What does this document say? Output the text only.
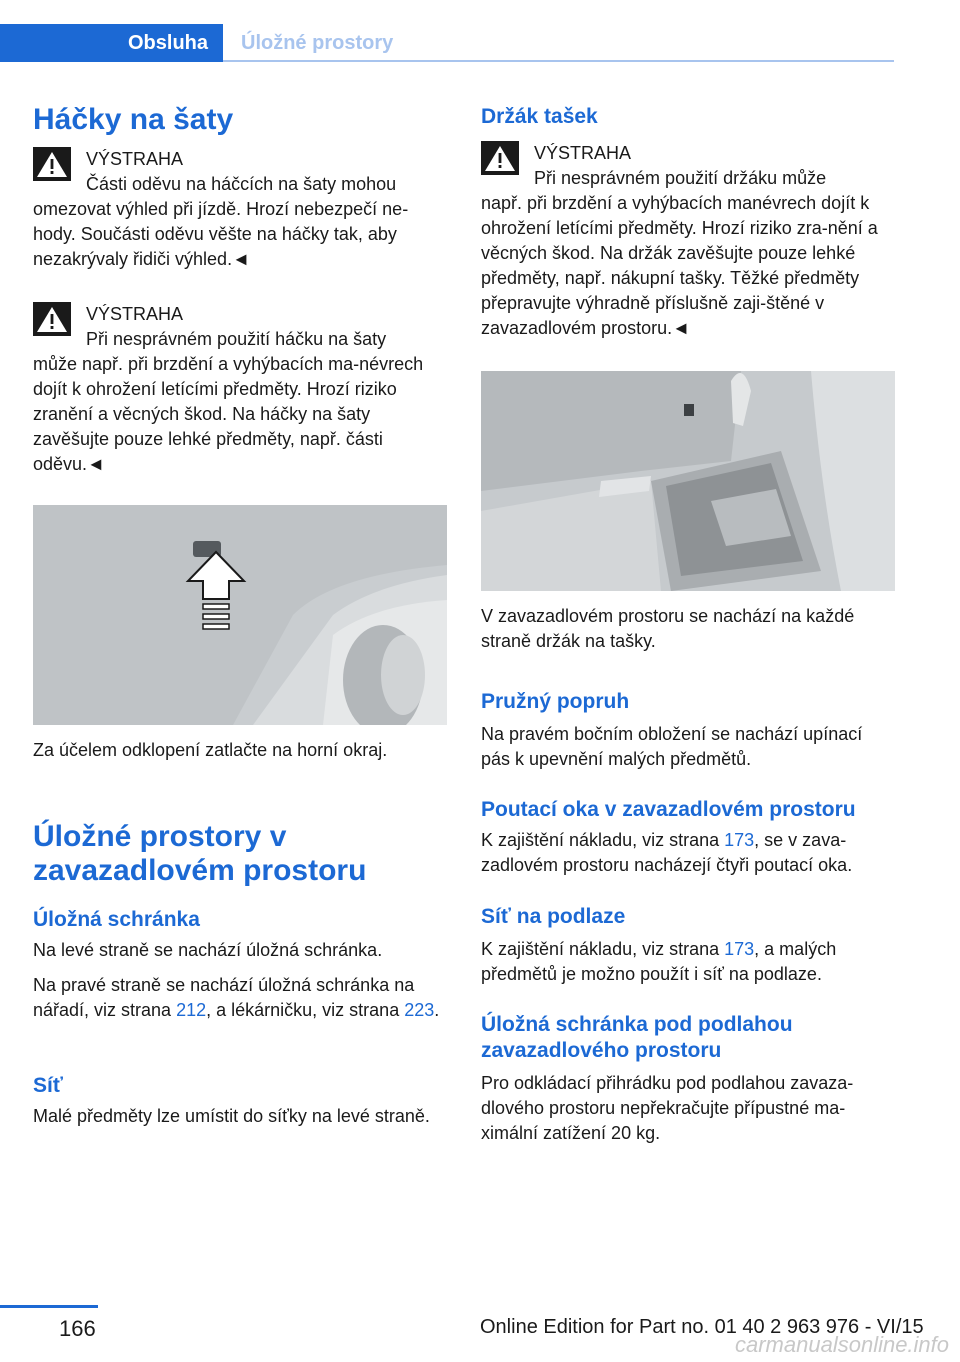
Obsluha	Úložné prostory
Háčky na šaty
VÝSTRAHA
Části oděvu na háčcích na šaty mohou
omezovat výhled při jízdě. Hrozí nebezpečí ne-hody. Součásti oděvu věšte na háčky tak, aby nezakrývaly řidiči výhled.◄
VÝSTRAHA
Při nesprávném použití háčku na šaty
může např. při brzdění a vyhýbacích ma-névrech dojít k ohrožení letícími předměty. Hrozí riziko zranění a věcných škod. Na háčky na šaty zavěšujte pouze lehké předměty, např. části oděvu.◄
Za účelem odklopení zatlačte na horní okraj.
Úložné prostory v zavazadlovém prostoru
Úložná schránka
Na levé straně se nachází úložná schránka.
Na pravé straně se nachází úložná schránka na nářadí, viz strana 212, a lékárničku, viz strana 223.
Síť
Malé předměty lze umístit do síťky na levé straně.
Držák tašek
VÝSTRAHA
Při nesprávném použití držáku může
např. při brzdění a vyhýbacích manévrech dojít k ohrožení letícími předměty. Hrozí riziko zra-nění a věcných škod. Na držák zavěšujte pouze lehké předměty, např. nákupní tašky. Těžké předměty přepravujte výhradně příslušně zaji-štěné v zavazadlovém prostoru.◄
V zavazadlovém prostoru se nachází na každé straně držák na tašky.
Pružný popruh
Na pravém bočním obložení se nachází upínací pás k upevnění malých předmětů.
Poutací oka v zavazadlovém prostoru
K zajištění nákladu, viz strana 173, se v zava-zadlovém prostoru nacházejí čtyři poutací oka.
Síť na podlaze
K zajištění nákladu, viz strana 173, a malých předmětů je možno použít i síť na podlaze.
Úložná schránka pod podlahou zavazadlového prostoru
Pro odkládací přihrádku pod podlahou zavaza-dlového prostoru nepřekračujte přípustné ma-ximální zatížení 20 kg.
166	Online Edition for Part no. 01 40 2 963 976 - VI/15
carmanualsonline.info
